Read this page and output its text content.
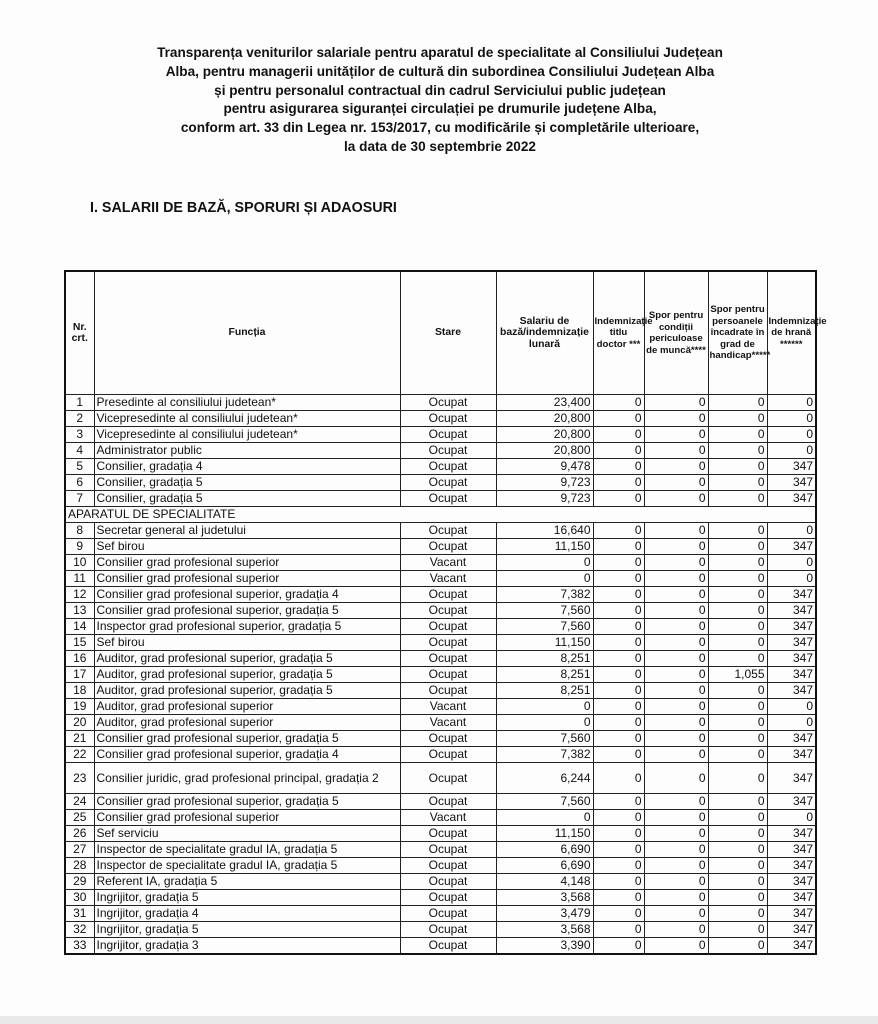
Transparența veniturilor salariale pentru aparatul de specialitate al Consiliului Județean
Alba, pentru managerii unităților de cultură din subordinea Consiliului Județean Alba
și pentru personalul contractual din cadrul Serviciului public județean
pentru asigurarea siguranței circulației pe drumurile județene Alba,
conform art. 33 din Legea nr. 153/2017, cu modificările și completările ulterioare,
la data de 30 septembrie 2022
I. SALARII DE BAZĂ, SPORURI ȘI ADAOSURI
Nr. crt.	Funcția	Stare	Salariu de bază/indemnizație lunară	Indemnizație titlu doctor ***	Spor pentru condiții periculoase de muncă****	Spor pentru persoanele încadrate în grad de handicap*****	Indemnizație de hrană ******
1	Presedinte al consiliului judetean*	Ocupat	23,400	0	0	0	0
2	Vicepresedinte al consiliului judetean*	Ocupat	20,800	0	0	0	0
3	Vicepresedinte al consiliului judetean*	Ocupat	20,800	0	0	0	0
4	Administrator public	Ocupat	20,800	0	0	0	0
5	Consilier, gradația 4	Ocupat	9,478	0	0	0	347
6	Consilier, gradația 5	Ocupat	9,723	0	0	0	347
7	Consilier, gradația 5	Ocupat	9,723	0	0	0	347
APARATUL DE SPECIALITATE							
8	Secretar general al judetului	Ocupat	16,640	0	0	0	0
9	Sef birou	Ocupat	11,150	0	0	0	347
10	Consilier grad profesional superior	Vacant	0	0	0	0	0
11	Consilier grad profesional superior	Vacant	0	0	0	0	0
12	Consilier grad profesional superior, gradația 4	Ocupat	7,382	0	0	0	347
13	Consilier grad profesional superior, gradația 5	Ocupat	7,560	0	0	0	347
14	Inspector grad profesional superior, gradația 5	Ocupat	7,560	0	0	0	347
15	Sef birou	Ocupat	11,150	0	0	0	347
16	Auditor, grad profesional superior, gradația 5	Ocupat	8,251	0	0	0	347
17	Auditor, grad profesional superior, gradația 5	Ocupat	8,251	0	0	1,055	347
18	Auditor, grad profesional superior, gradația 5	Ocupat	8,251	0	0	0	347
19	Auditor, grad profesional superior	Vacant	0	0	0	0	0
20	Auditor, grad profesional superior	Vacant	0	0	0	0	0
21	Consilier grad profesional superior, gradația 5	Ocupat	7,560	0	0	0	347
22	Consilier grad profesional superior, gradația 4	Ocupat	7,382	0	0	0	347
23	Consilier juridic, grad profesional principal, gradația 2	Ocupat	6,244	0	0	0	347
24	Consilier grad profesional superior, gradația 5	Ocupat	7,560	0	0	0	347
25	Consilier grad profesional superior	Vacant	0	0	0	0	0
26	Sef serviciu	Ocupat	11,150	0	0	0	347
27	Inspector de specialitate gradul IA, gradația 5	Ocupat	6,690	0	0	0	347
28	Inspector de specialitate gradul IA, gradația 5	Ocupat	6,690	0	0	0	347
29	Referent IA, gradația 5	Ocupat	4,148	0	0	0	347
30	Ingrijitor, gradația 5	Ocupat	3,568	0	0	0	347
31	Ingrijitor, gradația 4	Ocupat	3,479	0	0	0	347
32	Ingrijitor, gradația 5	Ocupat	3,568	0	0	0	347
33	Ingrijitor, gradația 3	Ocupat	3,390	0	0	0	347
